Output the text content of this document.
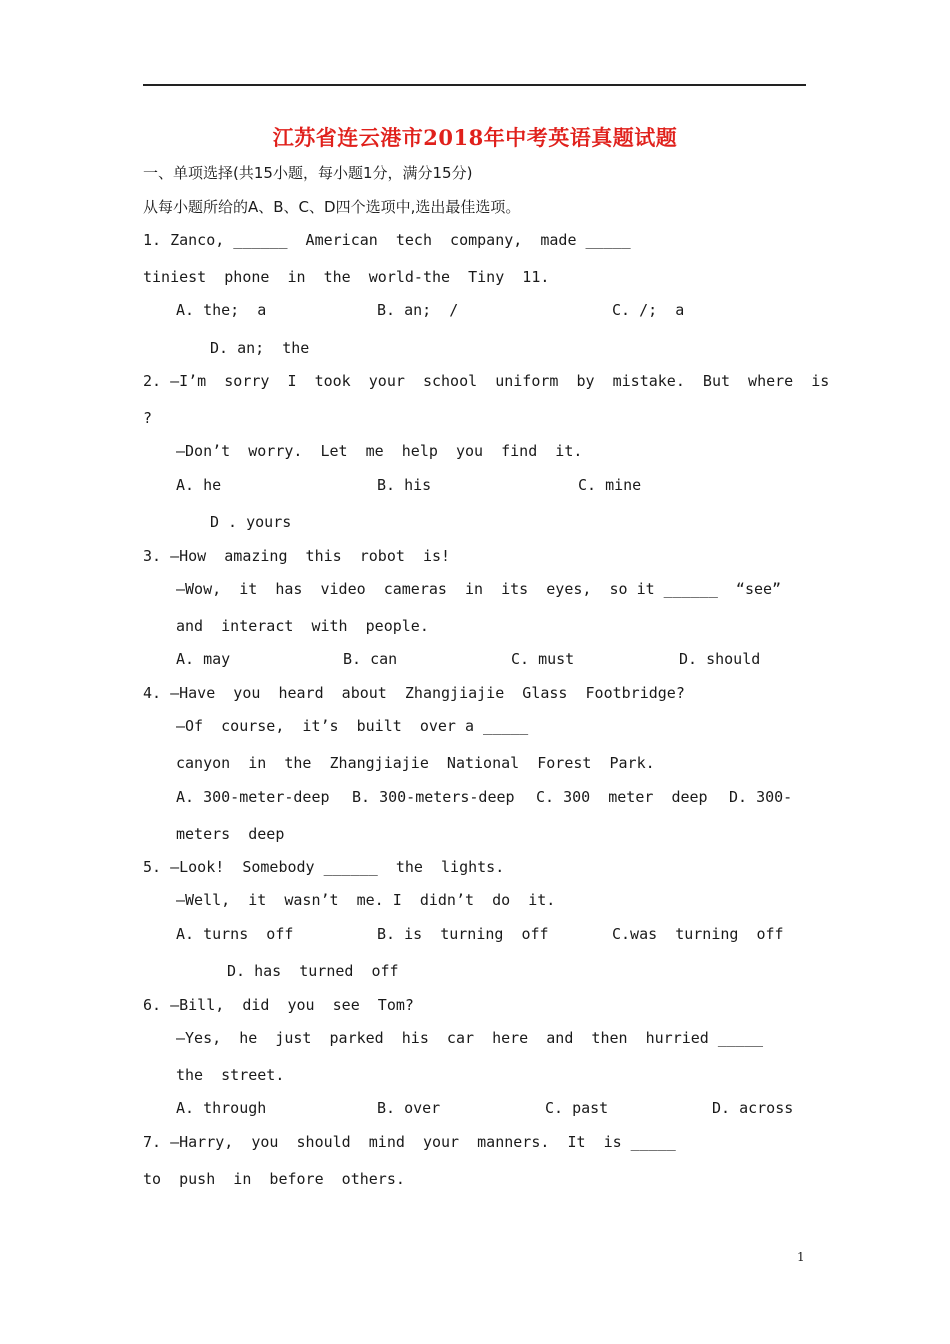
江苏省连云港市2018年中考英语真题试题
一、单项选择(共15小题，每小题1分，满分15分)
从每小题所给的A、B、C、D四个选项中,选出最佳选项。
1. Zanco, ______  American  tech  company,  made _____
tiniest  phone  in  the  world-the  Tiny  11.
A. the;  a	B. an;  /	C. /;  a
D. an;  the
2. —I’m  sorry  I  took  your  school  uniform  by  mistake.  But  where  is
?
—Don’t  worry.  Let  me  help  you  find  it.
A. he	B. his	C. mine
D . yours
3. —How  amazing  this  robot  is!
—Wow,  it  has  video  cameras  in  its  eyes,  so it ______  “see”
and  interact  with  people.
A. may	B. can	C. must	D. should
4. —Have  you  heard  about  Zhangjiajie  Glass  Footbridge?
—Of  course,  it’s  built  over a _____
canyon  in  the  Zhangjiajie  National  Forest  Park.
A. 300-meter-deep B. 300-meters-deep C. 300  meter  deep D. 300-
meters  deep
5. —Look!  Somebody ______  the  lights.
—Well,  it  wasn’t  me. I  didn’t  do  it.
A. turns  off	B. is  turning  off	C.was  turning  off
D. has  turned  off
6. —Bill,  did  you  see  Tom?
—Yes,  he  just  parked  his  car  here  and  then  hurried _____
the  street.
A. through	B. over	C. past	D. across
7. —Harry,  you  should  mind  your  manners.  It  is _____
to  push  in  before  others.
1
